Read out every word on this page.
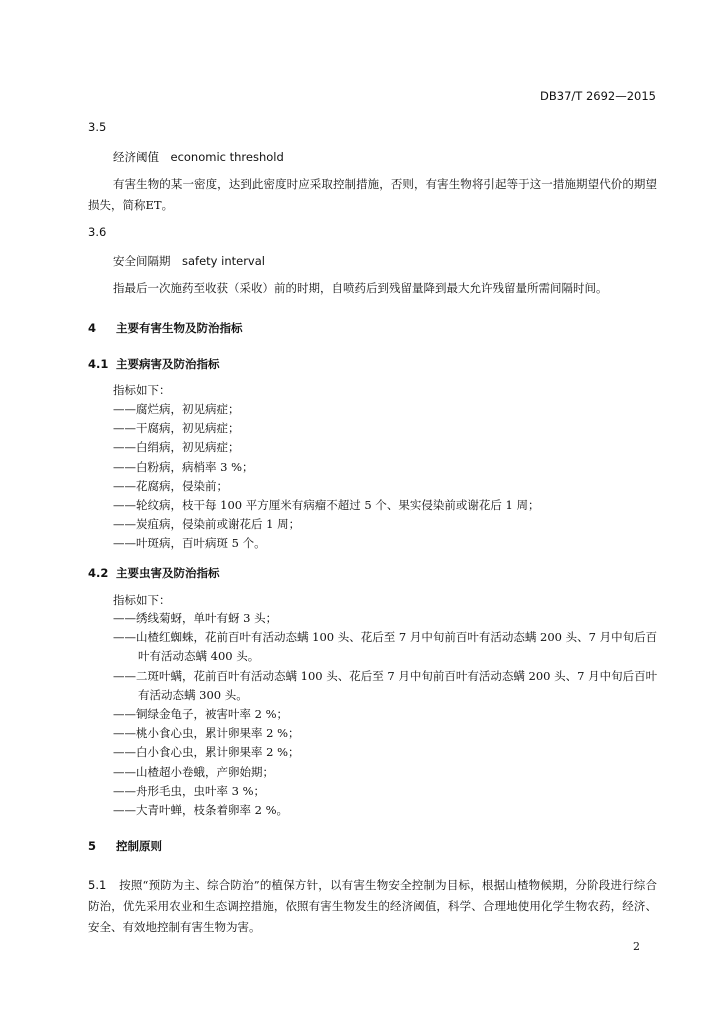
DB37/T 2692—2015
3.5
经济阈值　economic threshold
有害生物的某一密度，达到此密度时应采取控制措施，否则，有害生物将引起等于这一措施期望代价的期望损失，简称ET。
3.6
安全间隔期　safety interval
指最后一次施药至收获（采收）前的时期，自喷药后到残留量降到最大允许残留量所需间隔时间。
4 主要有害生物及防治指标
4.1 主要病害及防治指标
指标如下：
——腐烂病，初见病症；
——干腐病，初见病症；
——白绢病，初见病症；
——白粉病，病梢率 3 %；
——花腐病，侵染前；
——轮纹病，枝干每 100 平方厘米有病瘤不超过 5 个、果实侵染前或谢花后 1 周；
——炭疽病，侵染前或谢花后 1 周；
——叶斑病，百叶病斑 5 个。
4.2 主要虫害及防治指标
指标如下：
——绣线菊蚜，单叶有蚜 3 头；
——山楂红蜘蛛，花前百叶有活动态螨 100 头、花后至 7 月中旬前百叶有活动态螨 200 头、7 月中旬后百叶有活动态螨 400 头。
——二斑叶螨，花前百叶有活动态螨 100 头、花后至 7 月中旬前百叶有活动态螨 200 头、7 月中旬后百叶有活动态螨 300 头。
——铜绿金龟子，被害叶率 2 %；
——桃小食心虫，累计卵果率 2 %；
——白小食心虫，累计卵果率 2 %；
——山楂超小卷蛾，产卵始期；
——舟形毛虫，虫叶率 3 %；
——大青叶蝉，枝条着卵率 2 %。
5 控制原则
5.1 按照“预防为主、综合防治”的植保方针，以有害生物安全控制为目标，根据山楂物候期，分阶段进行综合防治，优先采用农业和生态调控措施，依照有害生物发生的经济阈值，科学、合理地使用化学生物农药，经济、安全、有效地控制有害生物为害。
2
